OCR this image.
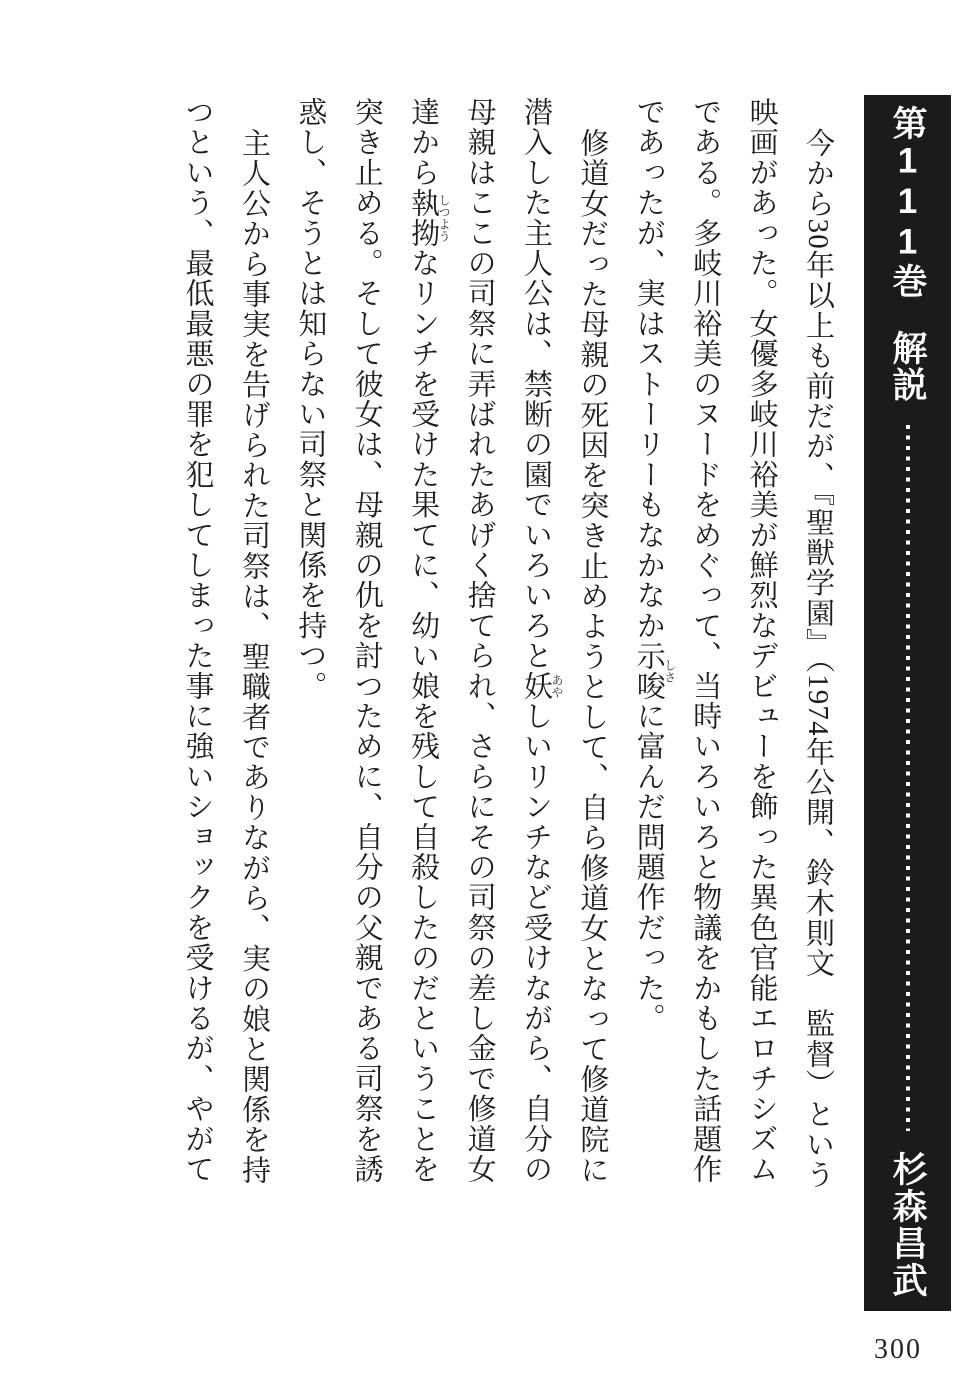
今から30年以上も前だが、『聖獣学園』（1974年公開、鈴木則文　監督）という
映画があった。女優多岐川裕美が鮮烈なデビューを飾った異色官能エロチシズム
である。多岐川裕美のヌードをめぐって、当時いろいろと物議をかもした話題作
であったが、実はストーリーもなかなか示唆しさに富んだ問題作だった。
修道女だった母親の死因を突き止めようとして、自ら修道女となって修道院に
潜入した主人公は、禁断の園でいろいろと妖あやしいリンチなど受けながら、自分の
母親はここの司祭に弄ばれたあげく捨てられ、さらにその司祭の差し金で修道女
達から執拗しつようなリンチを受けた果てに、幼い娘を残して自殺したのだということを
突き止める。そして彼女は、母親の仇を討つために、自分の父親である司祭を誘
惑し、そうとは知らない司祭と関係を持つ。
主人公から事実を告げられた司祭は、聖職者でありながら、実の娘と関係を持
つという、最低最悪の罪を犯してしまった事に強いショックを受けるが、やがて	第111巻解説
杉森昌武
300
